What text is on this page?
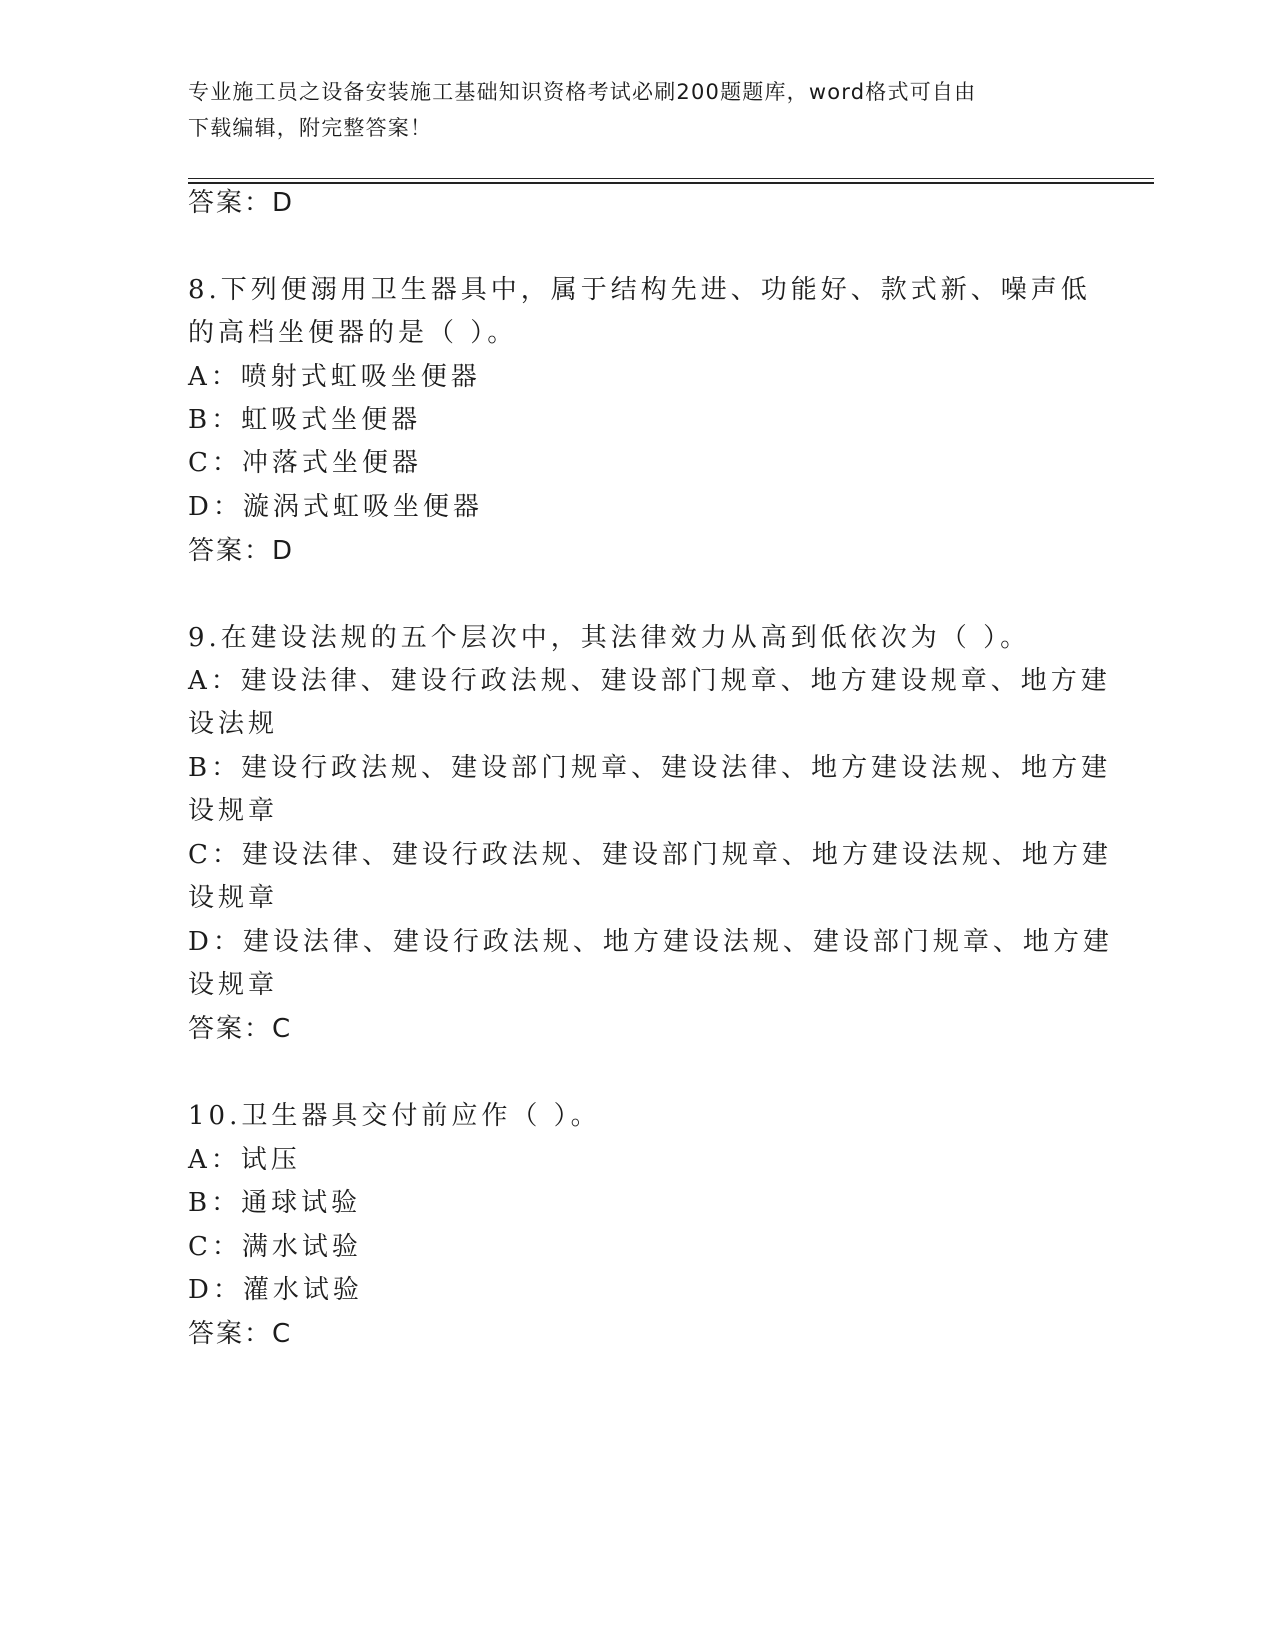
专业施工员之设备安装施工基础知识资格考试必刷200题题库，word格式可自由
下载编辑，附完整答案！
答案：D
8.下列便溺用卫生器具中，属于结构先进、功能好、款式新、噪声低
的高档坐便器的是（ ）。
A：喷射式虹吸坐便器
B：虹吸式坐便器
C：冲落式坐便器
D：漩涡式虹吸坐便器
答案：D
9.在建设法规的五个层次中，其法律效力从高到低依次为（ ）。
A：建设法律、建设行政法规、建设部门规章、地方建设规章、地方建
设法规
B：建设行政法规、建设部门规章、建设法律、地方建设法规、地方建
设规章
C：建设法律、建设行政法规、建设部门规章、地方建设法规、地方建
设规章
D：建设法律、建设行政法规、地方建设法规、建设部门规章、地方建
设规章
答案：C
10.卫生器具交付前应作（ ）。
A：试压
B：通球试验
C：满水试验
D：灌水试验
答案：C
